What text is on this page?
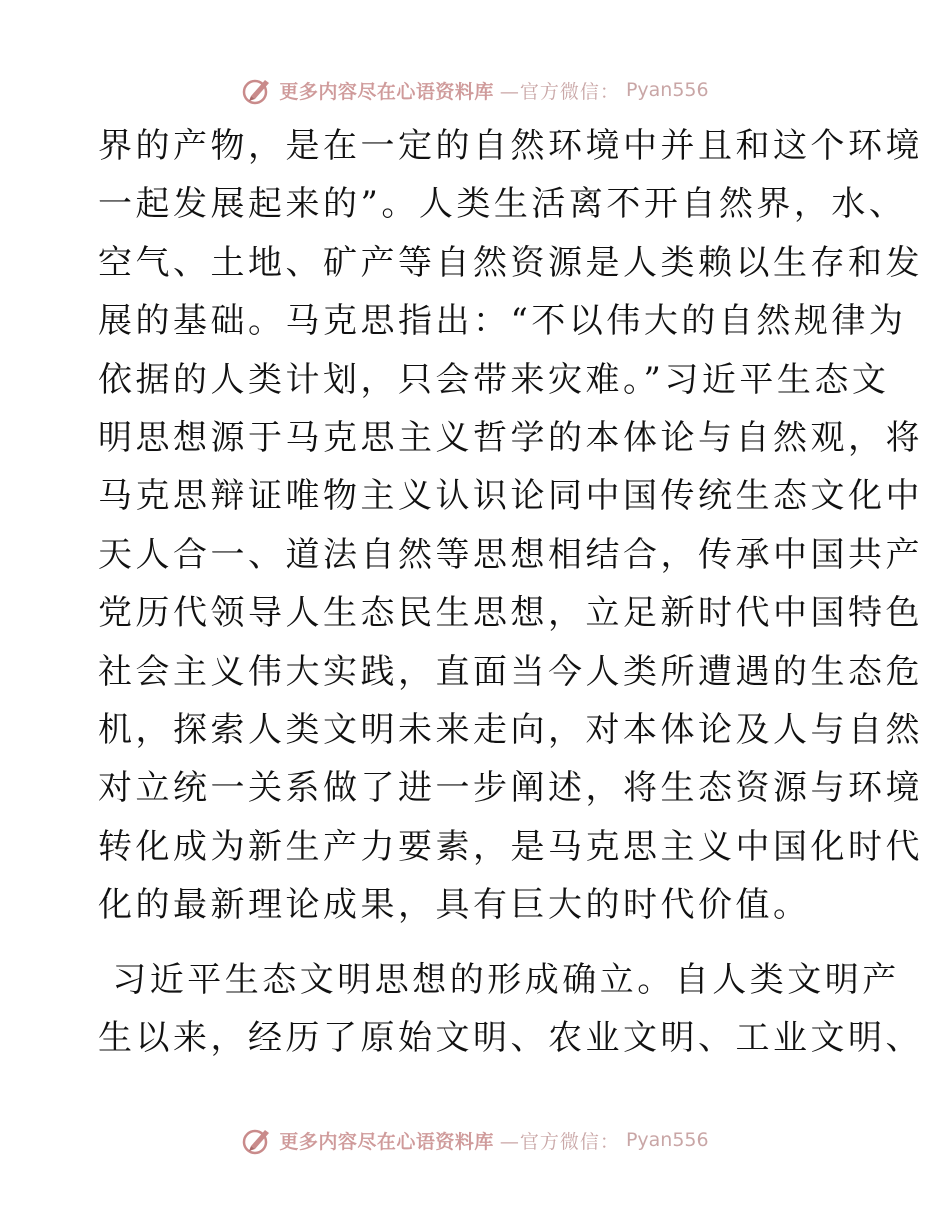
更多内容尽在心语资料库 —官方微信： Pyan556
界的产物，是在一定的自然环境中并且和这个环境
一起发展起来的”。人类生活离不开自然界，水、
空气、土地、矿产等自然资源是人类赖以生存和发
展的基础。马克思指出：“不以伟大的自然规律为
依据的人类计划，只会带来灾难。”习近平生态文
明思想源于马克思主义哲学的本体论与自然观，将
马克思辩证唯物主义认识论同中国传统生态文化中
天人合一、道法自然等思想相结合，传承中国共产
党历代领导人生态民生思想，立足新时代中国特色
社会主义伟大实践，直面当今人类所遭遇的生态危
机，探索人类文明未来走向，对本体论及人与自然
对立统一关系做了进一步阐述，将生态资源与环境
转化成为新生产力要素，是马克思主义中国化时代
化的最新理论成果，具有巨大的时代价值。
习近平生态文明思想的形成确立。自人类文明产
生以来，经历了原始文明、农业文明、工业文明、
更多内容尽在心语资料库 —官方微信： Pyan556
